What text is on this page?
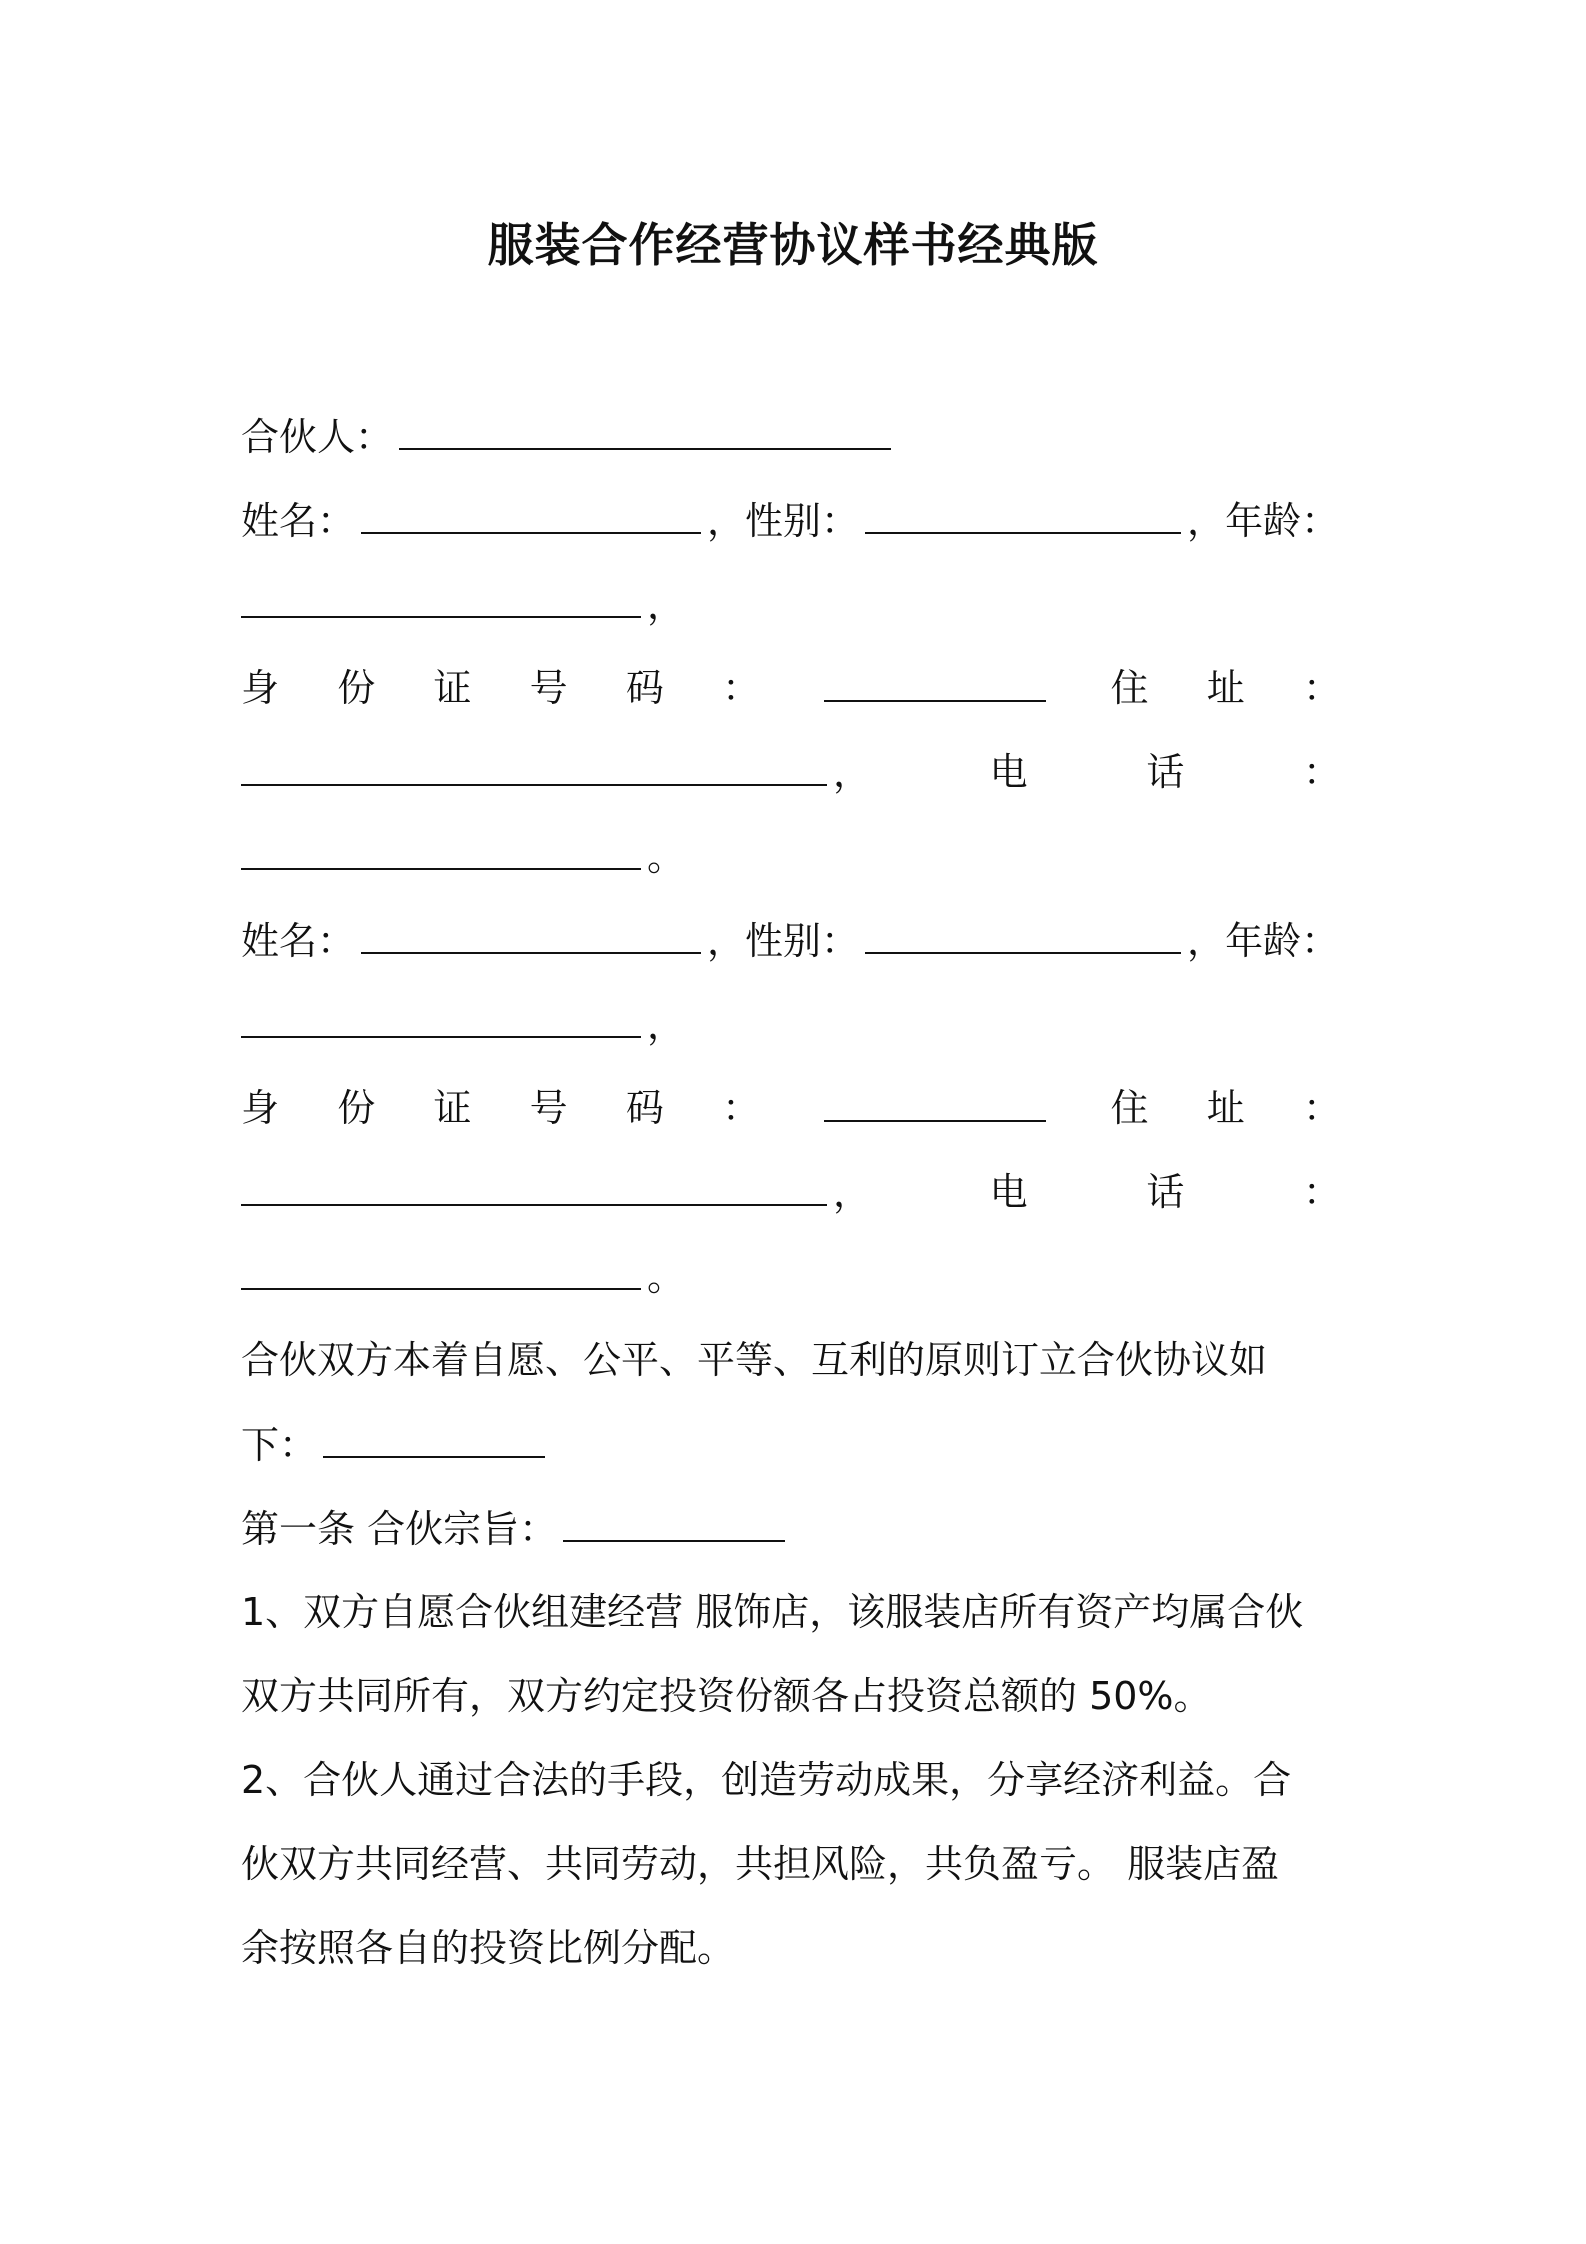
服装合作经营协议样书经典版
合伙人：
姓名：	，性别：	，年龄：
，
身 份 证 号 码 ：	住 址 ：
，	电	话	：
。
姓名：	，性别：	，年龄：
，
身 份 证 号 码 ：	住 址 ：
，	电	话	：
。
合伙双方本着自愿、公平、平等、互利的原则订立合伙协议如
下：
第一条 合伙宗旨：
1、双方自愿合伙组建经营 服饰店，该服装店所有资产均属合伙
双方共同所有，双方约定投资份额各占投资总额的 50%。
2、合伙人通过合法的手段，创造劳动成果，分享经济利益。合
伙双方共同经营、共同劳动，共担风险，共负盈亏。 服装店盈
余按照各自的投资比例分配。
